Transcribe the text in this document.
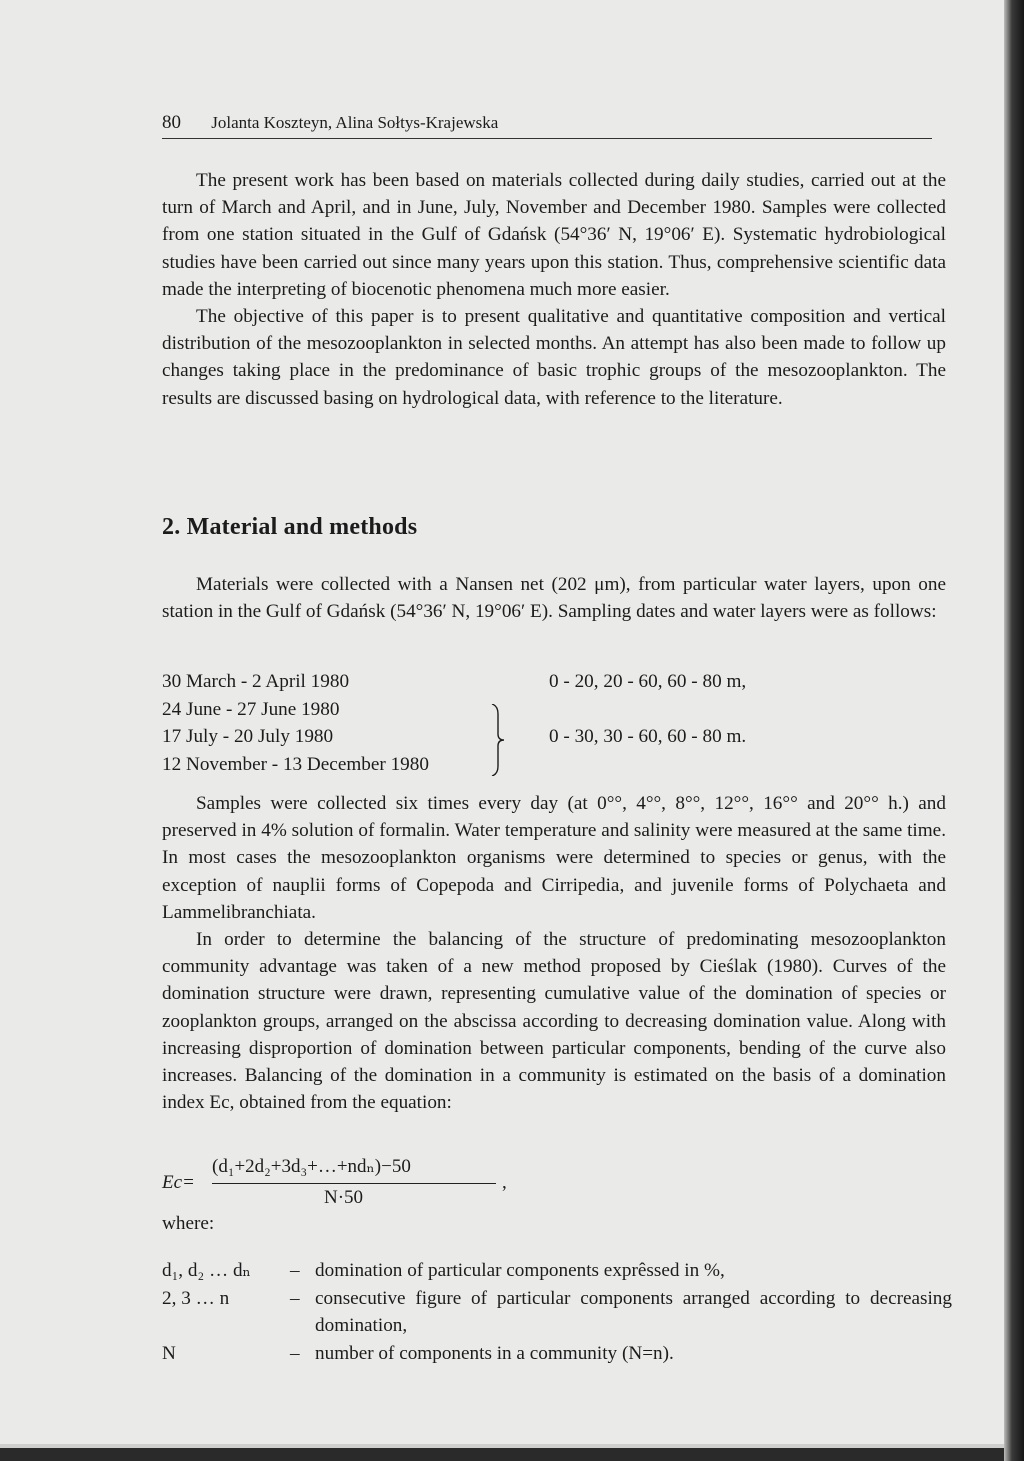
80 Jolanta Koszteyn, Alina Sołtys-Krajewska

The present work has been based on materials collected during daily studies, carried out at the turn of March and April, and in June, July, November and December 1980. Samples were collected from one station situated in the Gulf of Gdańsk (54°36′ N, 19°06′ E). Systematic hydrobiological studies have been carried out since many years upon this station. Thus, comprehensive scientific data made the interpreting of biocenotic phenomena much more easier.

The objective of this paper is to present qualitative and quantitative composition and vertical distribution of the mesozooplankton in selected months. An attempt has also been made to follow up changes taking place in the predominance of basic trophic groups of the mesozooplankton. The results are discussed basing on hydrological data, with reference to the literature.

2. Material and methods

Materials were collected with a Nansen net (202 μm), from particular water layers, upon one station in the Gulf of Gdańsk (54°36′ N, 19°06′ E). Sampling dates and water layers were as follows:

30 March - 2 April 1980	0 - 20, 20 - 60, 60 - 80 m,
24 June - 27 June 1980
17 July - 20 July 1980	0 - 30, 30 - 60, 60 - 80 m.
12 November - 13 December 1980

Samples were collected six times every day (at 0°°, 4°°, 8°°, 12°°, 16°° and 20°° h.) and preserved in 4% solution of formalin. Water temperature and salinity were measured at the same time. In most cases the mesozooplankton organisms were determined to species or genus, with the exception of nauplii forms of Copepoda and Cirripedia, and juvenile forms of Polychaeta and Lammelibranchiata.

In order to determine the balancing of the structure of predominating mesozooplankton community advantage was taken of a new method proposed by Cieślak (1980). Curves of the domination structure were drawn, representing cumulative value of the domination of species or zooplankton groups, arranged on the abscissa according to decreasing domination value. Along with increasing disproportion of domination between particular components, bending of the curve also increases. Balancing of the domination in a community is estimated on the basis of a domination index Ec, obtained from the equation:

Ec=
(d₁+2d₂+3d₃+…+ndₙ)−50
N·50
,
where:
d₁, d₂ … dₙ – domination of particular components exprêssed in %,
2, 3 … n	– consecutive figure of particular components arranged according to decreasing domination,
N	– number of components in a community (N=n).
